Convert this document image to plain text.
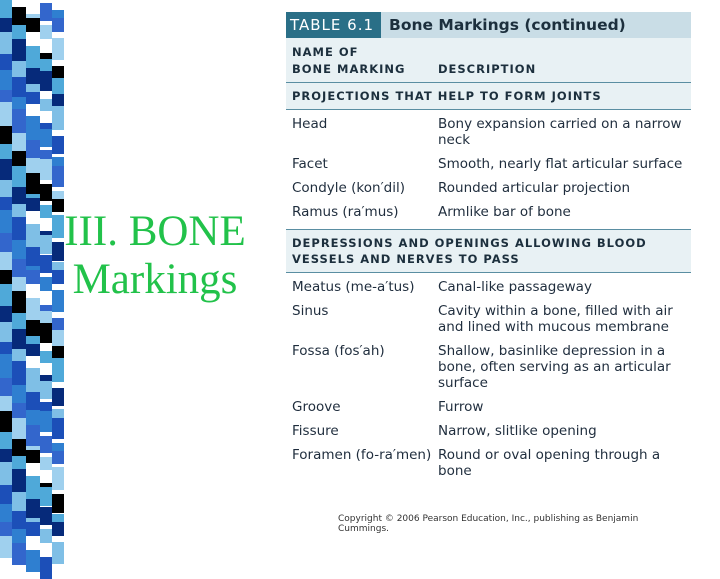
III. BONE
Markings
TABLE 6.1 Bone Markings (continued)
NAME OF
BONE MARKING	DESCRIPTION
PROJECTIONS THAT HELP TO FORM JOINTS
Head	Bony expansion carried on a narrow neck
Facet	Smooth, nearly flat articular surface
Condyle (kon′dil)	Rounded articular projection
Ramus (ra′mus)	Armlike bar of bone
DEPRESSIONS AND OPENINGS ALLOWING BLOOD VESSELS AND NERVES TO PASS
Meatus (me-a′tus)	Canal-like passageway
Sinus	Cavity within a bone, filled with air and lined with mucous membrane
Fossa (fos′ah)	Shallow, basinlike depression in a bone, often serving as an articular surface
Groove	Furrow
Fissure	Narrow, slitlike opening
Foramen (fo-ra′men) Round or oval opening through a bone
Copyright © 2006 Pearson Education, Inc., publishing as Benjamin Cummings.
